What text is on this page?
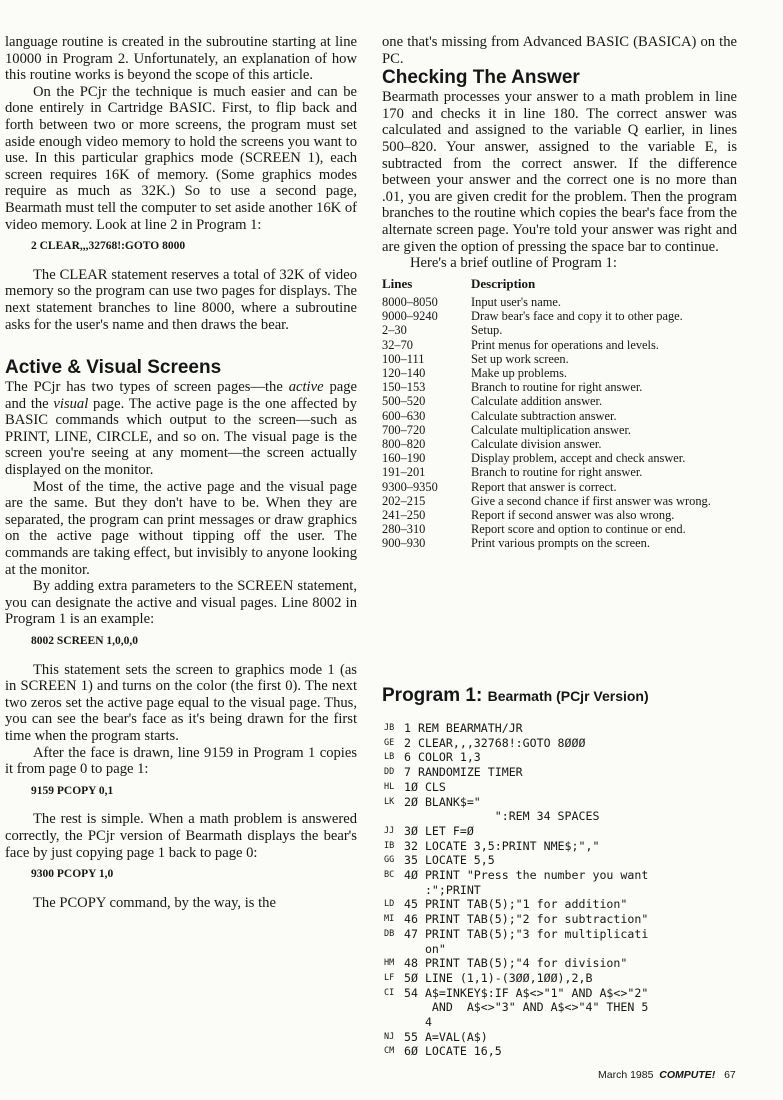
language routine is created in the subroutine starting at line 10000 in Program 2. Unfortunately, an explanation of how this routine works is beyond the scope of this article.

On the PCjr the technique is much easier and can be done entirely in Cartridge BASIC. First, to flip back and forth between two or more screens, the program must set aside enough video memory to hold the screens you want to use. In this particular graphics mode (SCREEN 1), each screen requires 16K of memory. (Some graphics modes require as much as 32K.) So to use a second page, Bearmath must tell the computer to set aside another 16K of video memory. Look at line 2 in Program 1:

2 CLEAR,,,32768!:GOTO 8000

The CLEAR statement reserves a total of 32K of video memory so the program can use two pages for displays. The next statement branches to line 8000, where a subroutine asks for the user's name and then draws the bear.

Active & Visual Screens

The PCjr has two types of screen pages—the active page and the visual page. The active page is the one affected by BASIC commands which output to the screen—such as PRINT, LINE, CIRCLE, and so on. The visual page is the screen you're seeing at any moment—the screen actually displayed on the monitor.

Most of the time, the active page and the visual page are the same. But they don't have to be. When they are separated, the program can print messages or draw graphics on the active page without tipping off the user. The commands are taking effect, but invisibly to anyone looking at the monitor.

By adding extra parameters to the SCREEN statement, you can designate the active and visual pages. Line 8002 in Program 1 is an example:

8002 SCREEN 1,0,0,0

This statement sets the screen to graphics mode 1 (as in SCREEN 1) and turns on the color (the first 0). The next two zeros set the active page equal to the visual page. Thus, you can see the bear's face as it's being drawn for the first time when the program starts.

After the face is drawn, line 9159 in Program 1 copies it from page 0 to page 1:

9159 PCOPY 0,1

The rest is simple. When a math problem is answered correctly, the PCjr version of Bearmath displays the bear's face by just copying page 1 back to page 0:

9300 PCOPY 1,0

The PCOPY command, by the way, is the

one that's missing from Advanced BASIC (BASICA) on the PC.

Checking The Answer

Bearmath processes your answer to a math problem in line 170 and checks it in line 180. The correct answer was calculated and assigned to the variable Q earlier, in lines 500–820. Your answer, assigned to the variable E, is subtracted from the correct answer. If the difference between your answer and the correct one is no more than .01, you are given credit for the problem. Then the program branches to the routine which copies the bear's face from the alternate screen page. You're told your answer was right and are given the option of pressing the space bar to continue.

Here's a brief outline of Program 1:

Lines	Description
8000–8050	Input user's name.
9000–9240	Draw bear's face and copy it to other page.
2–30	Setup.
32–70	Print menus for operations and levels.
100–111	Set up work screen.
120–140	Make up problems.
150–153	Branch to routine for right answer.
500–520	Calculate addition answer.
600–630	Calculate subtraction answer.
700–720	Calculate multiplication answer.
800–820	Calculate division answer.
160–190	Display problem, accept and check answer.
191–201	Branch to routine for right answer.
9300–9350	Report that answer is correct.
202–215	Give a second chance if first answer was wrong.
241–250	Report if second answer was also wrong.
280–310	Report score and option to continue or end.
900–930	Print various prompts on the screen.
Program 1: Bearmath (PCjr Version)
JB 1 REM BEARMATH/JR
GE 2 CLEAR,,,32768!:GOTO 8ØØØ
LB 6 COLOR 1,3
DD 7 RANDOMIZE TIMER
HL 1Ø CLS
LK 2Ø BLANK$="
":REM 34 SPACES
JJ 3Ø LET F=Ø
IB 32 LOCATE 3,5:PRINT NME$;","
GG 35 LOCATE 5,5
BC 4Ø PRINT "Press the number you want
:";PRINT
LD 45 PRINT TAB(5);"1 for addition"
MI 46 PRINT TAB(5);"2 for subtraction"
DB 47 PRINT TAB(5);"3 for multiplicati
on"
HM 48 PRINT TAB(5);"4 for division"
LF 5Ø LINE (1,1)-(3ØØ,1ØØ),2,B
CI 54 A$=INKEY$:IF A$<>"1" AND A$<>"2"
AND  A$<>"3" AND A$<>"4" THEN 5
4
NJ 55 A=VAL(A$)
CM 6Ø LOCATE 16,5
March 1985 COMPUTE! 67
